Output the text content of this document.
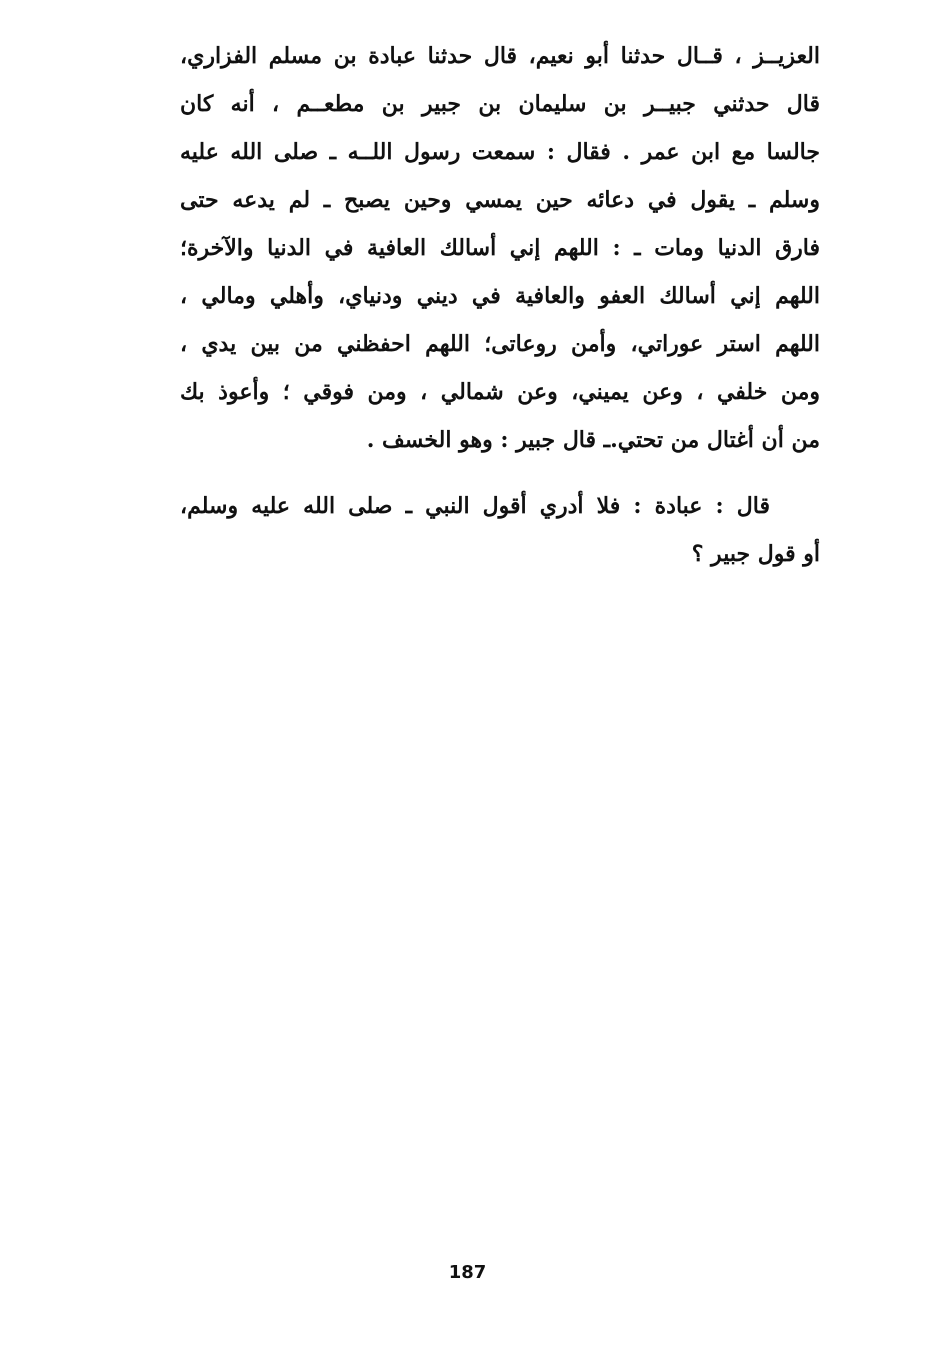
العزيــز ، قــال حدثنا أبو نعيم، قال حدثنا عبادة بن مسلم الفزاري،
قال حدثني جبيــر بن سليمان بن جبير بن مطعــم ، أنه كان
جالسا مع ابن عمر . فقال : سمعت رسول اللــه ـ صلى الله عليه
وسلم ـ يقول في دعائه حين يمسي وحين يصبح ـ لم يدعه حتى
فارق الدنيا ومات ـ : اللهم إني أسالك العافية في الدنيا والآخرة؛
اللهم إني أسالك العفو والعافية في ديني ودنياي، وأهلي ومالي ،
اللهم استر عوراتي، وأمن روعاتى؛ اللهم احفظني من بين يدي ،
ومن خلفي ، وعن يميني، وعن شمالي ، ومن فوقي ؛ وأعوذ بك
من أن أغتال من تحتي.ـ قال جبير : وهو الخسف .
قال : عبادة : فلا أدري أقول النبي ـ صلى الله عليه وسلم،
أو قول جبير ؟
187
